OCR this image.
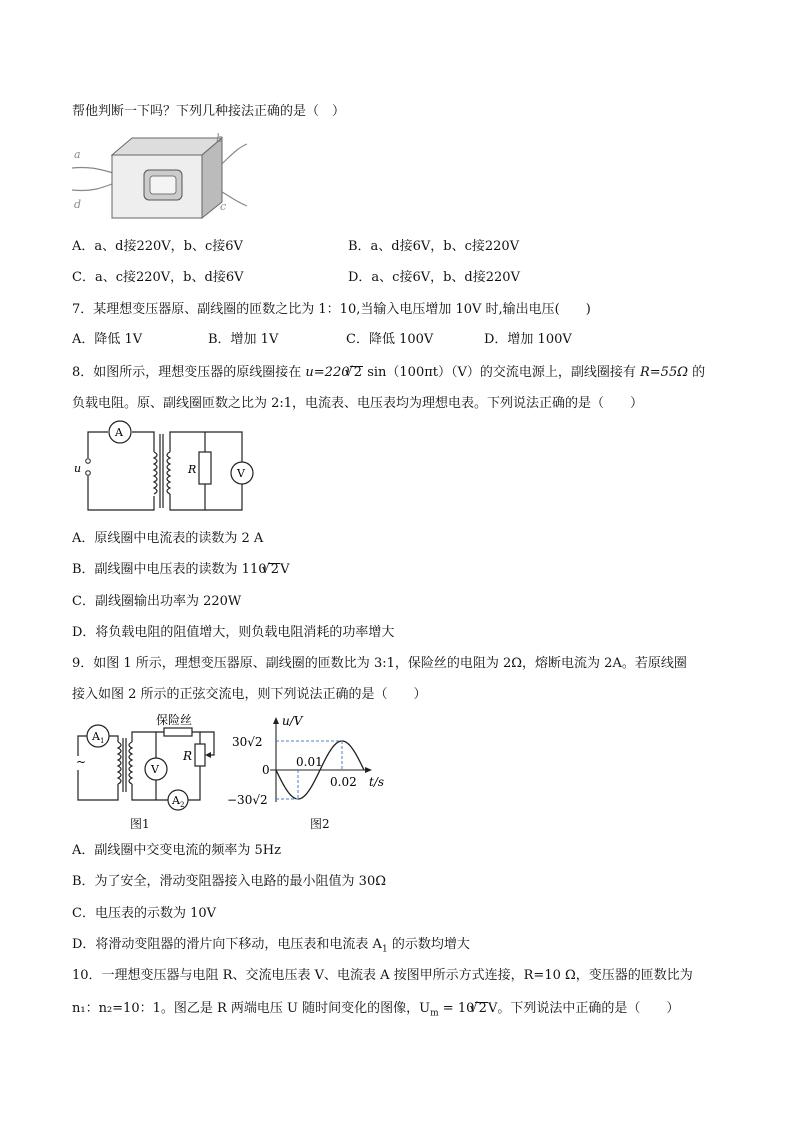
帮他判断一下吗？下列几种接法正确的是（　）
a
d
b
c
A．a、d接220V，b、c接6V	B．a、d接6V，b、c接220V
C．a、c接220V，b、d接6V	D．a、c接6V，b、d接220V
7．某理想变压器原、副线圈的匝数之比为 1：10,当输入电压增加 10V 时,输出电压(　　)
A．降低 1V	B．增加 1V	C．降低 100V	D．增加 100V
8．如图所示，理想变压器的原线圈接在 u=220√ 2 sin（100πt）（V）的交流电源上，副线圈接有 R=55Ω 的
负载电阻。原、副线圈匝数之比为 2:1，电流表、电压表均为理想电表。下列说法正确的是（　　）
A
V
R
u
A．原线圈中电流表的读数为 2 A
B．副线圈中电压表的读数为 110√ 2V
C．副线圈输出功率为 220W
D．将负载电阻的阻值增大，则负载电阻消耗的功率增大
9．如图 1 所示，理想变压器原、副线圈的匝数比为 3:1，保险丝的电阻为 2Ω，熔断电流为 2A。若原线圈
接入如图 2 所示的正弦交流电，则下列说法正确的是（　　）
~
A 1
V
A 2
R
保险丝
图1
u/V
t/s
0
30√2
−30√2
0.01
0.02
图2
A．副线圈中交变电流的频率为 5Hz
B．为了安全，滑动变阻器接入电路的最小阻值为 30Ω
C．电压表的示数为 10V
D．将滑动变阻器的滑片向下移动，电压表和电流表 $A_1$ 的示数均增大
10．一理想变压器与电阻 R、交流电压表 V、电流表 A 按图甲所示方式连接，R=10 Ω，变压器的匝数比为
n₁：n₂=10：1。图乙是 R 两端电压 U 随时间变化的图像，$U_m = 10√$ 2V。下列说法中正确的是（　　）
